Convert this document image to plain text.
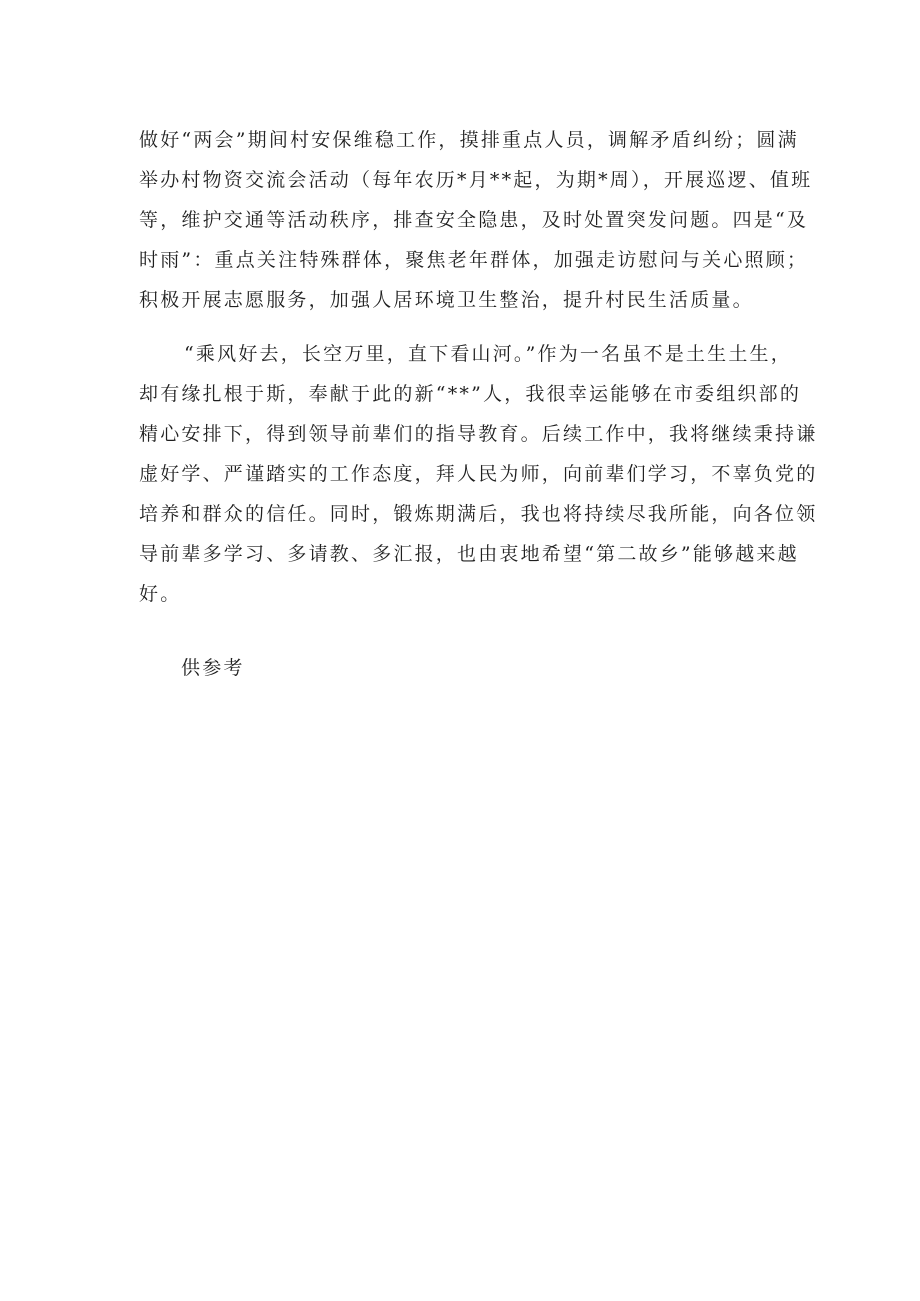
做好“两会”期间村安保维稳工作，摸排重点人员，调解矛盾纠纷；圆满
举办村物资交流会活动（每年农历*月**起，为期*周），开展巡逻、值班
等，维护交通等活动秩序，排查安全隐患，及时处置突发问题。四是“及
时雨”：重点关注特殊群体，聚焦老年群体，加强走访慰问与关心照顾；
积极开展志愿服务，加强人居环境卫生整治，提升村民生活质量。
“乘风好去，长空万里，直下看山河。”作为一名虽不是土生土生，
却有缘扎根于斯，奉献于此的新“**”人，我很幸运能够在市委组织部的
精心安排下，得到领导前辈们的指导教育。后续工作中，我将继续秉持谦
虚好学、严谨踏实的工作态度，拜人民为师，向前辈们学习，不辜负党的
培养和群众的信任。同时，锻炼期满后，我也将持续尽我所能，向各位领
导前辈多学习、多请教、多汇报，也由衷地希望“第二故乡”能够越来越
好。
供参考
